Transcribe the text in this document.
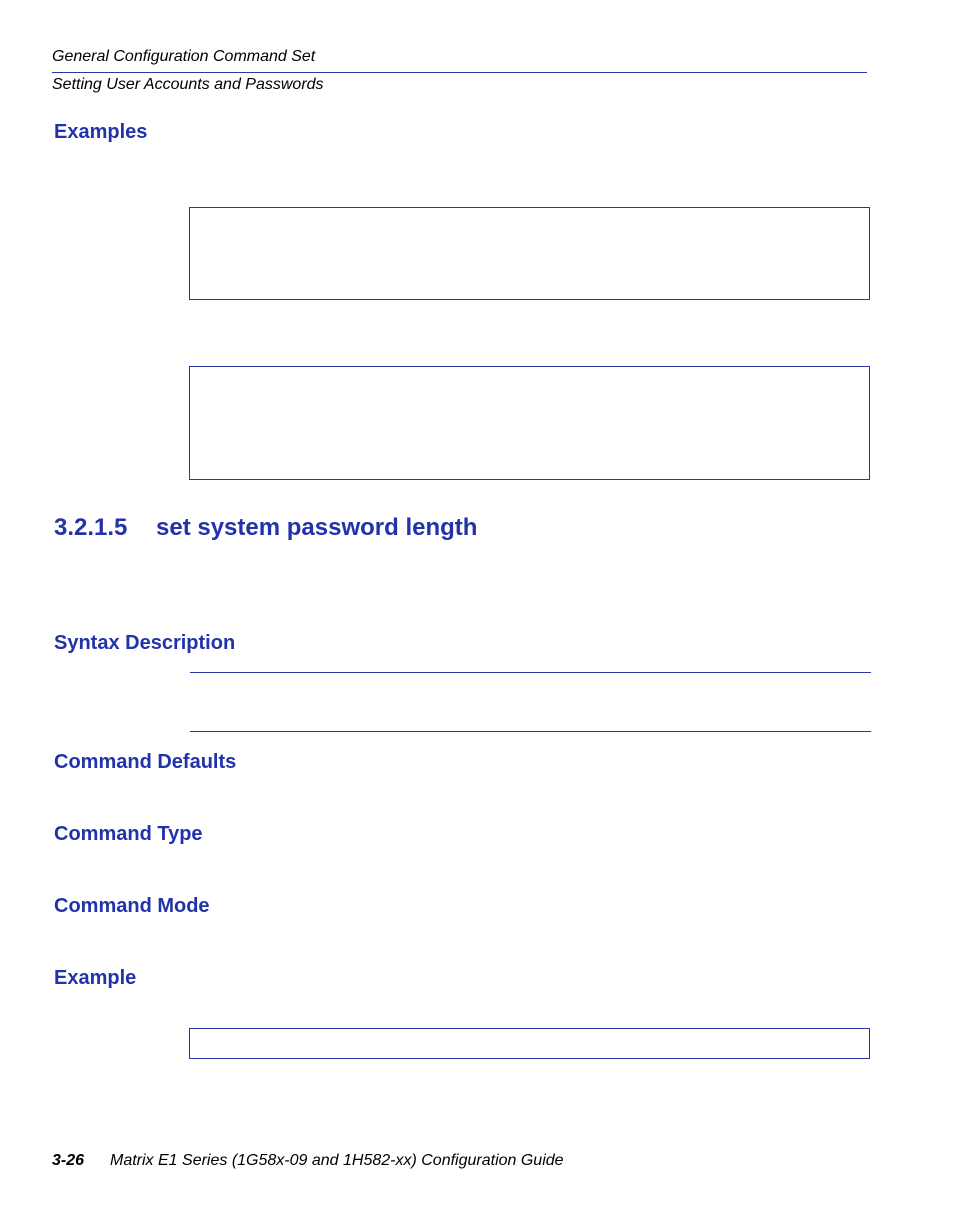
General Configuration Command Set
Setting User Accounts and Passwords
Examples
3.2.1.5 set system password length
Syntax Description
Command Defaults
Command Type
Command Mode
Example
3-26 Matrix E1 Series (1G58x-09 and 1H582-xx) Configuration Guide
